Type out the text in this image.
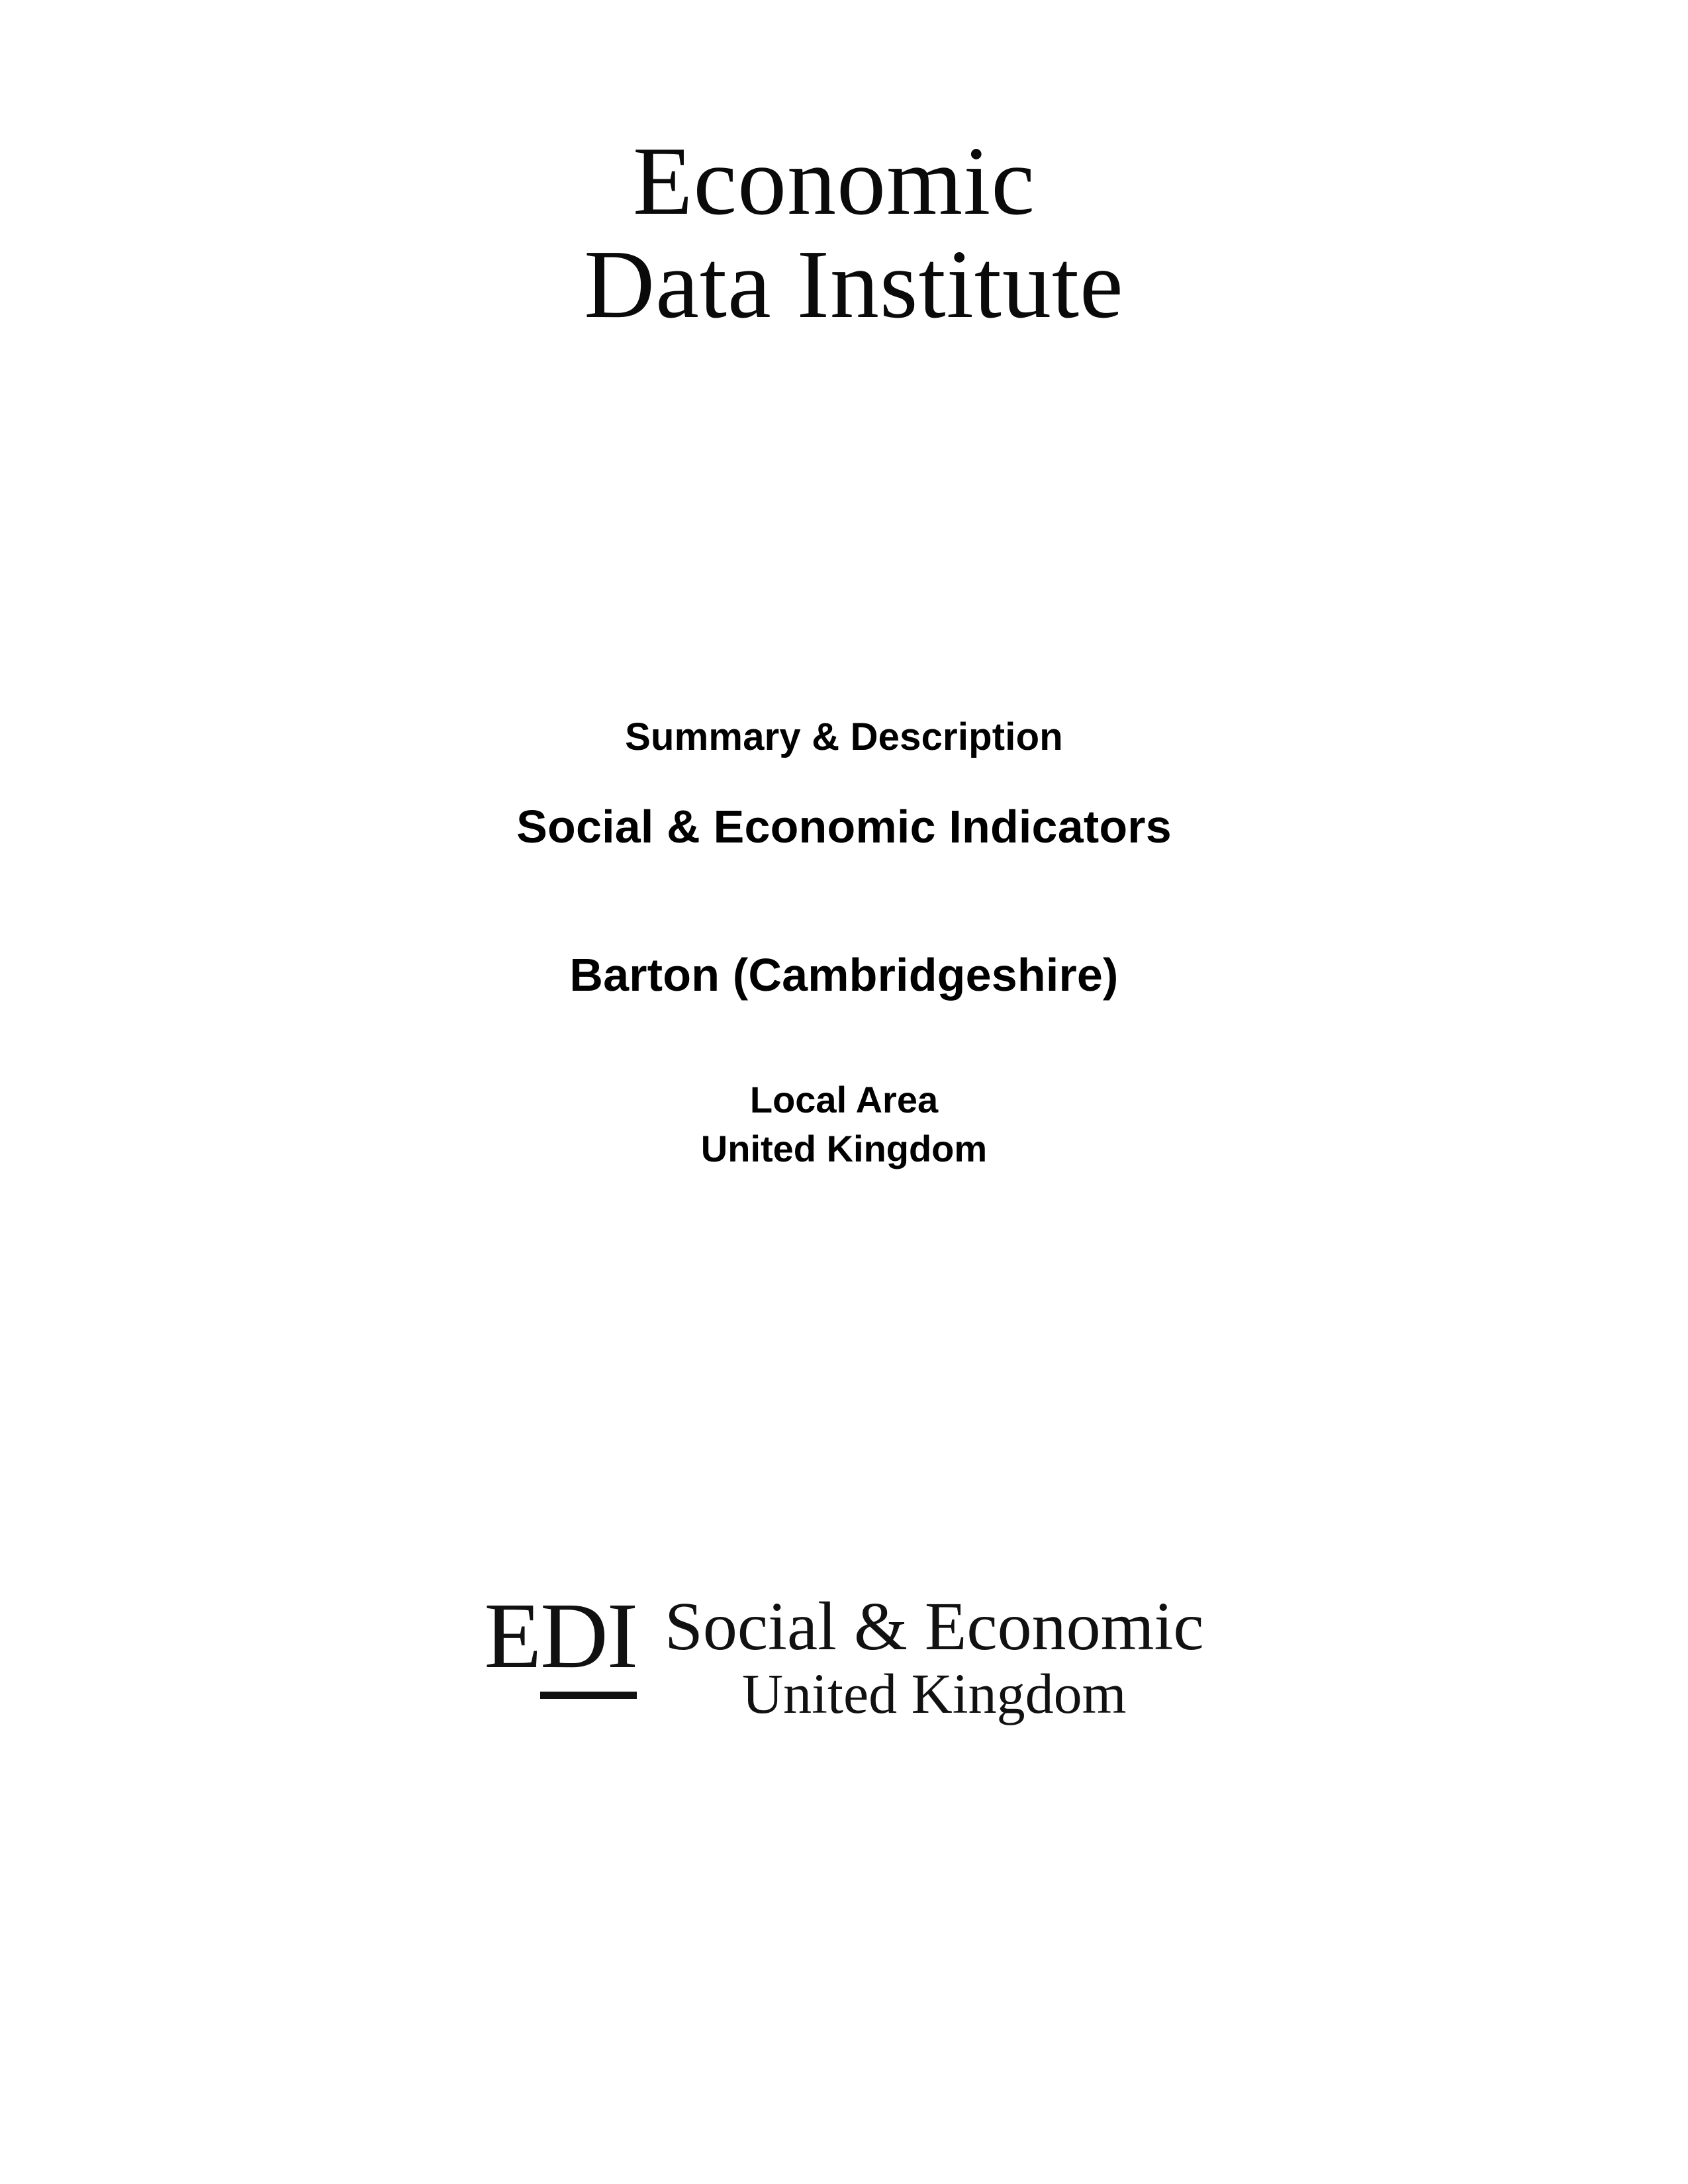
Economic
Data Institute

Summary & Description

Social & Economic Indicators

Barton (Cambridgeshire)

Local Area
United Kingdom

EDI Social & Economic
United Kingdom
